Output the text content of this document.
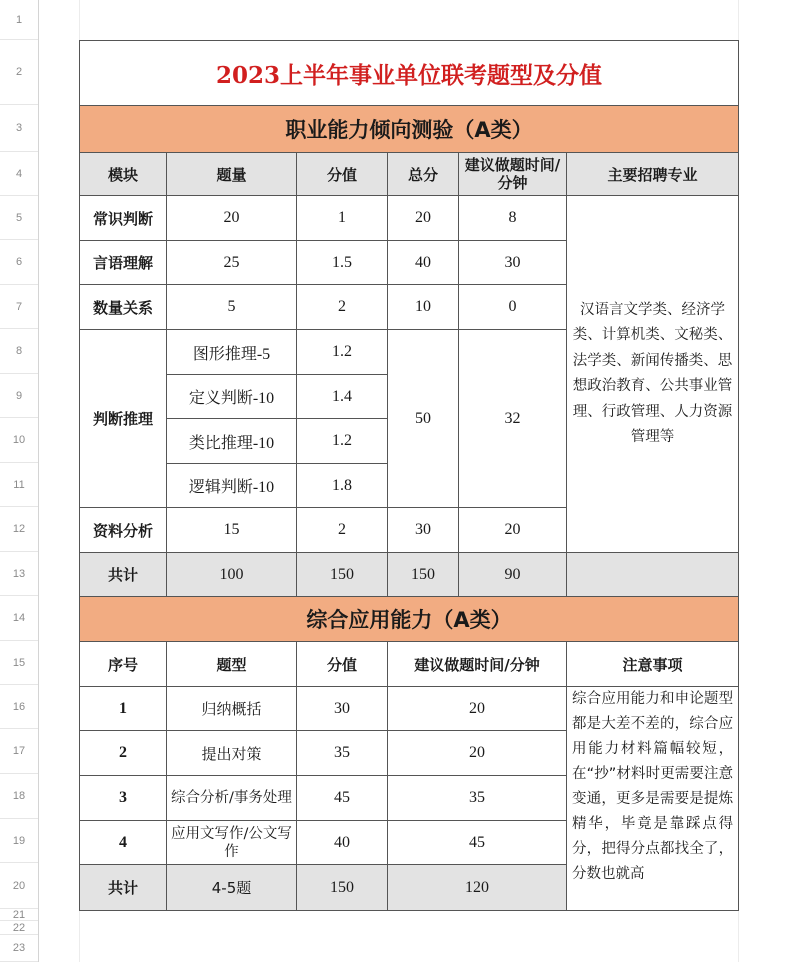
1
2
3
4
5
6
7
8
9
10
11
12
13
14
15
16
17
18
19
20
21
22
23
2023上半年事业单位联考题型及分值					
职业能力倾向测验（A类）					
模块	题量	分值	总分	建议做题时间/分钟	主要招聘专业
常识判断	20	1	20	8	汉语言文学类、经济学类、计算机类、文秘类、法学类、新闻传播类、思想政治教育、公共事业管理、行政管理、人力资源管理等
言语理解	25	1.5	40	30	
数量关系	5	2	10	0	
判断推理	图形推理-5	1.2	50	32	
	定义判断-10	1.4			
	类比推理-10	1.2			
	逻辑判断-10	1.8			
资料分析	15	2	30	20	
共计	100	150	150	90	
综合应用能力（A类）					
序号	题型	分值	建议做题时间/分钟		注意事项
1	归纳概括	30	20		综合应用能力和申论题型都是大差不差的，综合应用能力材料篇幅较短，在“抄”材料时更需要注意变通，更多是需要是提炼精华，毕竟是靠踩点得分，把得分点都找全了，分数也就高
2	提出对策	35	20		
3	综合分析/事务处理	45	35		
4	应用文写作/公文写作	40	45		
共计	4-5题	150	120		
